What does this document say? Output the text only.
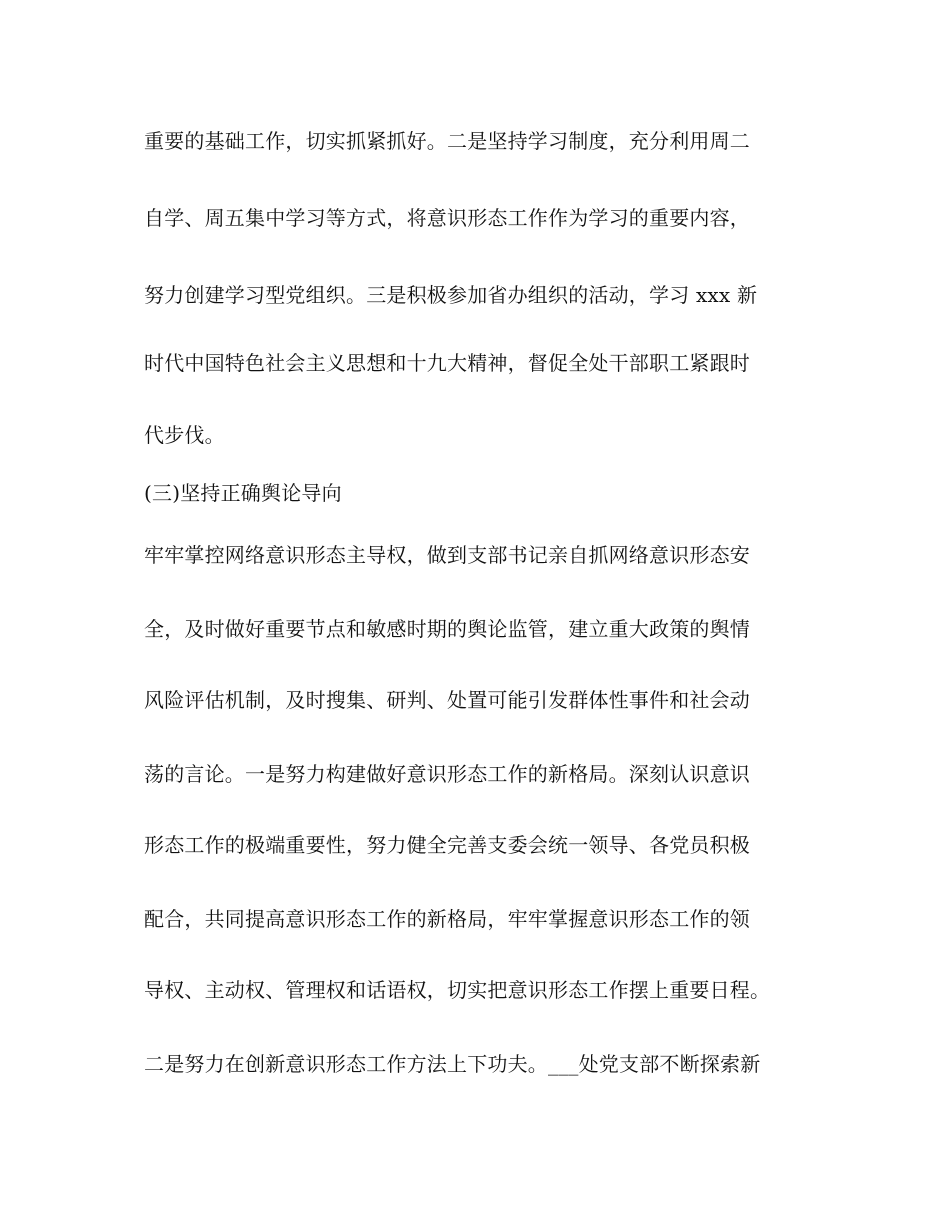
重要的基础工作，切实抓紧抓好。二是坚持学习制度，充分利用周二

自学、周五集中学习等方式，将意识形态工作作为学习的重要内容，

努力创建学习型党组织。三是积极参加省办组织的活动，学习 xxx 新

时代中国特色社会主义思想和十九大精神，督促全处干部职工紧跟时

代步伐。

(三)坚持正确舆论导向

牢牢掌控网络意识形态主导权，做到支部书记亲自抓网络意识形态安

全，及时做好重要节点和敏感时期的舆论监管，建立重大政策的舆情

风险评估机制，及时搜集、研判、处置可能引发群体性事件和社会动

荡的言论。一是努力构建做好意识形态工作的新格局。深刻认识意识

形态工作的极端重要性，努力健全完善支委会统一领导、各党员积极

配合，共同提高意识形态工作的新格局，牢牢掌握意识形态工作的领

导权、主动权、管理权和话语权，切实把意识形态工作摆上重要日程。

二是努力在创新意识形态工作方法上下功夫。___处党支部不断探索新
